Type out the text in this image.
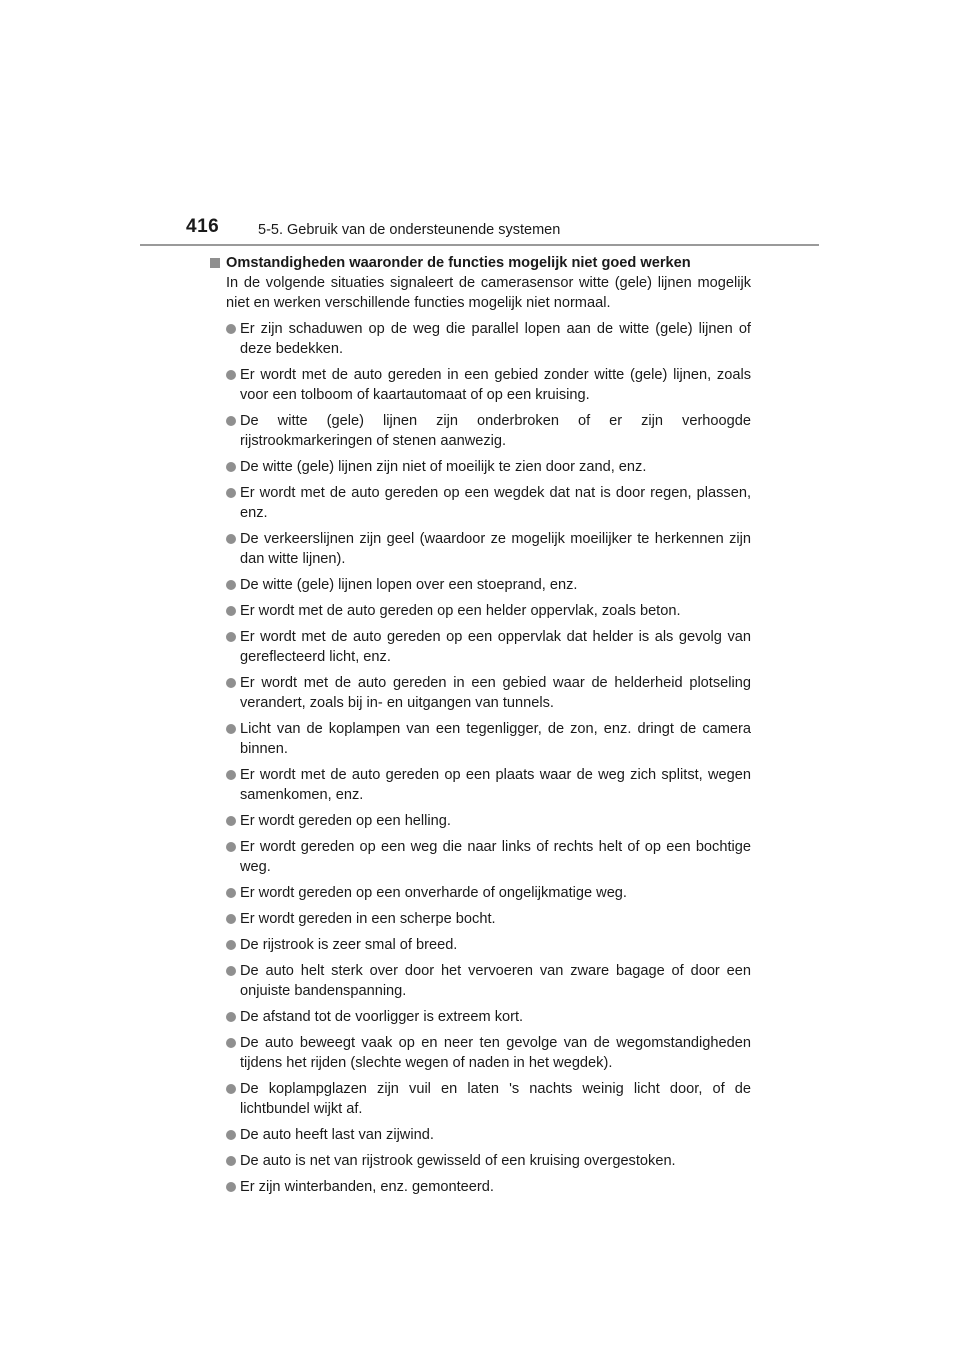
416	5-5. Gebruik van de ondersteunende systemen
Omstandigheden waaronder de functies mogelijk niet goed werken

In de volgende situaties signaleert de camerasensor witte (gele) lijnen mogelijk niet en werken verschillende functies mogelijk niet normaal.

Er zijn schaduwen op de weg die parallel lopen aan de witte (gele) lijnen of deze bedekken.
Er wordt met de auto gereden in een gebied zonder witte (gele) lijnen, zoals voor een tolboom of kaartautomaat of op een kruising.
De witte (gele) lijnen zijn onderbroken of er zijn verhoogde rijstrookmarkeringen of stenen aanwezig.
De witte (gele) lijnen zijn niet of moeilijk te zien door zand, enz.
Er wordt met de auto gereden op een wegdek dat nat is door regen, plassen, enz.
De verkeerslijnen zijn geel (waardoor ze mogelijk moeilijker te herkennen zijn dan witte lijnen).
De witte (gele) lijnen lopen over een stoeprand, enz.
Er wordt met de auto gereden op een helder oppervlak, zoals beton.
Er wordt met de auto gereden op een oppervlak dat helder is als gevolg van gereflecteerd licht, enz.
Er wordt met de auto gereden in een gebied waar de helderheid plotseling verandert, zoals bij in- en uitgangen van tunnels.
Licht van de koplampen van een tegenligger, de zon, enz. dringt de camera binnen.
Er wordt met de auto gereden op een plaats waar de weg zich splitst, wegen samenkomen, enz.
Er wordt gereden op een helling.
Er wordt gereden op een weg die naar links of rechts helt of op een bochtige weg.
Er wordt gereden op een onverharde of ongelijkmatige weg.
Er wordt gereden in een scherpe bocht.
De rijstrook is zeer smal of breed.
De auto helt sterk over door het vervoeren van zware bagage of door een onjuiste bandenspanning.
De afstand tot de voorligger is extreem kort.
De auto beweegt vaak op en neer ten gevolge van de wegomstandigheden tijdens het rijden (slechte wegen of naden in het wegdek).
De koplampglazen zijn vuil en laten 's nachts weinig licht door, of de lichtbundel wijkt af.
De auto heeft last van zijwind.
De auto is net van rijstrook gewisseld of een kruising overgestoken.
Er zijn winterbanden, enz. gemonteerd.
